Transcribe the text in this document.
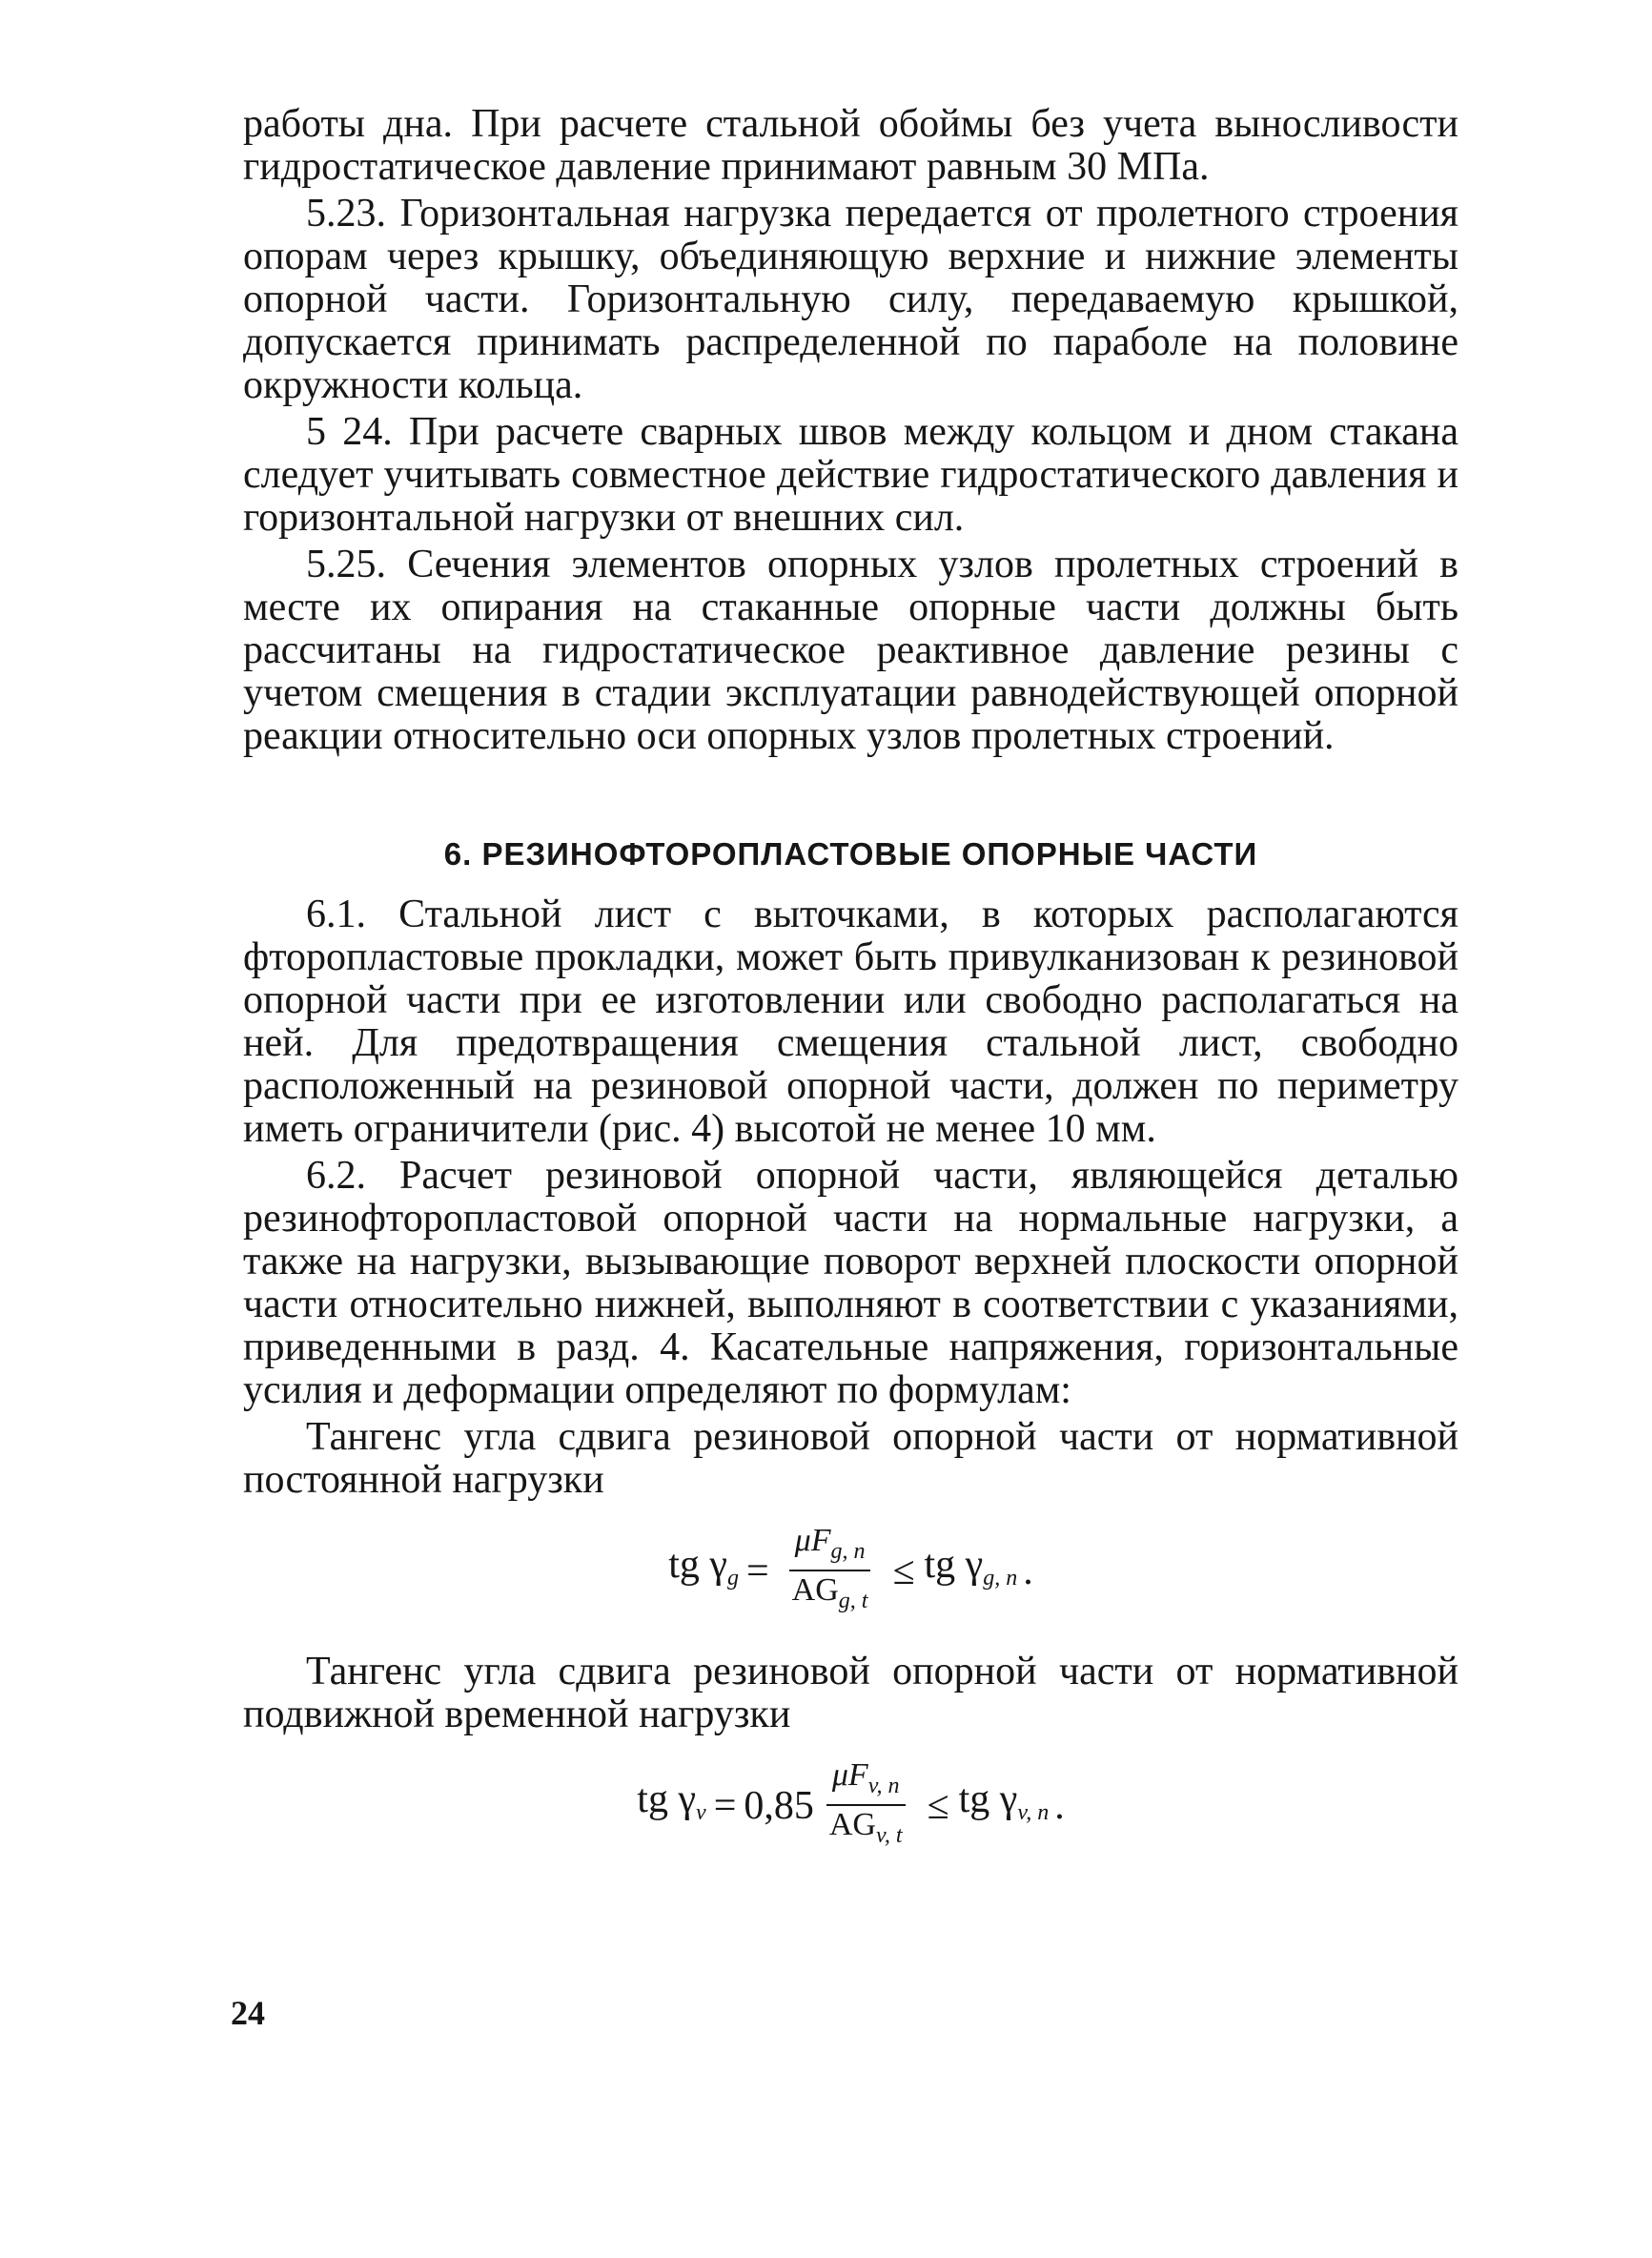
работы дна. При расчете стальной обоймы без учета выносливости гидростатическое давление принимают равным 30 МПа.

5.23. Горизонтальная нагрузка передается от пролетного строения опорам через крышку, объединяющую верхние и нижние элементы опорной части. Горизонтальную силу, передаваемую крышкой, допускается принимать распределенной по параболе на половине окружности кольца.

5 24. При расчете сварных швов между кольцом и дном стакана следует учитывать совместное действие гидростатического давления и горизонтальной нагрузки от внешних сил.

5.25. Сечения элементов опорных узлов пролетных строений в месте их опирания на стаканные опорные части должны быть рассчитаны на гидростатическое реактивное давление резины с учетом смещения в стадии эксплуатации равнодействующей опорной реакции относительно оси опорных узлов пролетных строений.

6. РЕЗИНОФТОРОПЛАСТОВЫЕ ОПОРНЫЕ ЧАСТИ

6.1. Стальной лист с выточками, в которых располагаются фторопластовые прокладки, может быть привулканизован к резиновой опорной части при ее изготовлении или свободно располагаться на ней. Для предотвращения смещения стальной лист, свободно расположенный на резиновой опорной части, должен по периметру иметь ограничители (рис. 4) высотой не менее 10 мм.

6.2. Расчет резиновой опорной части, являющейся деталью резинофторопластовой опорной части на нормальные нагрузки, а также на нагрузки, вызывающие поворот верхней плоскости опорной части относительно нижней, выполняют в соответствии с указаниями, приведенными в разд. 4. Касательные напряжения, горизонтальные усилия и деформации определяют по формулам:

Тангенс угла сдвига резиновой опорной части от нормативной постоянной нагрузки

tg $\gamma_g = \frac{\mu F_{g, n}}{AG_{g, t}}$ ≤ tg $\gamma_{g, n}$ .

Тангенс угла сдвига резиновой опорной части от нормативной подвижной временной нагрузки

tg $\gamma_v = 0,85 \frac{\mu F_{v, n}}{AG_{v, t}}$ ≤ tg $\gamma_{v, n}$ .
24
